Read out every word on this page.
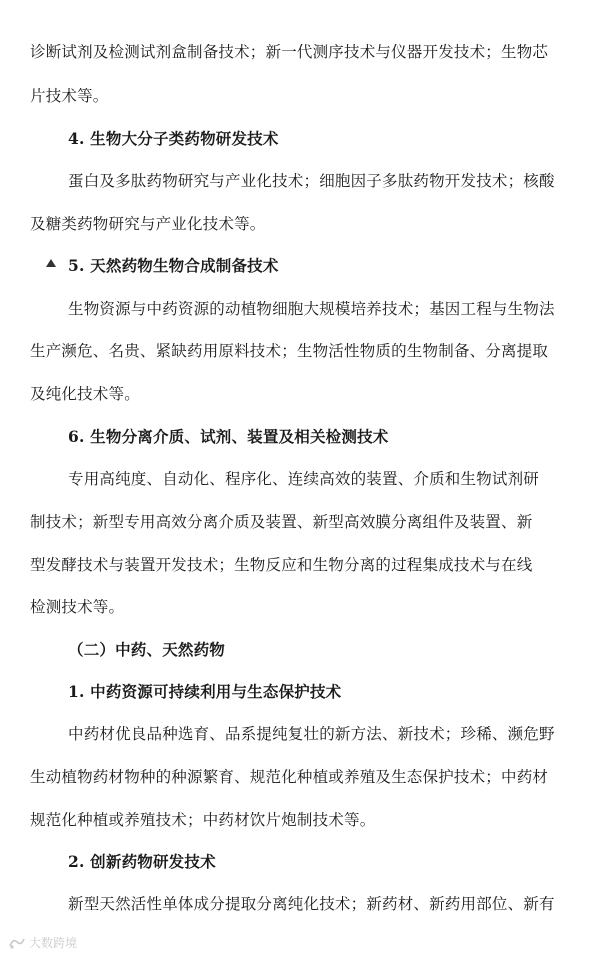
诊断试剂及检测试剂盒制备技术；新一代测序技术与仪器开发技术；生物芯
片技术等。
4. 生物大分子类药物研发技术
蛋白及多肽药物研究与产业化技术；细胞因子多肽药物开发技术；核酸
及糖类药物研究与产业化技术等。
5. 天然药物生物合成制备技术
生物资源与中药资源的动植物细胞大规模培养技术；基因工程与生物法
生产濒危、名贵、紧缺药用原料技术；生物活性物质的生物制备、分离提取
及纯化技术等。
6. 生物分离介质、试剂、装置及相关检测技术
专用高纯度、自动化、程序化、连续高效的装置、介质和生物试剂研
制技术；新型专用高效分离介质及装置、新型高效膜分离组件及装置、新
型发酵技术与装置开发技术；生物反应和生物分离的过程集成技术与在线
检测技术等。
（二）中药、天然药物
1. 中药资源可持续利用与生态保护技术
中药材优良品种选育、品系提纯复壮的新方法、新技术；珍稀、濒危野
生动植物药材物种的种源繁育、规范化种植或养殖及生态保护技术；中药材
规范化种植或养殖技术；中药材饮片炮制技术等。
2. 创新药物研发技术
新型天然活性单体成分提取分离纯化技术；新药材、新药用部位、新有
大数跨境
